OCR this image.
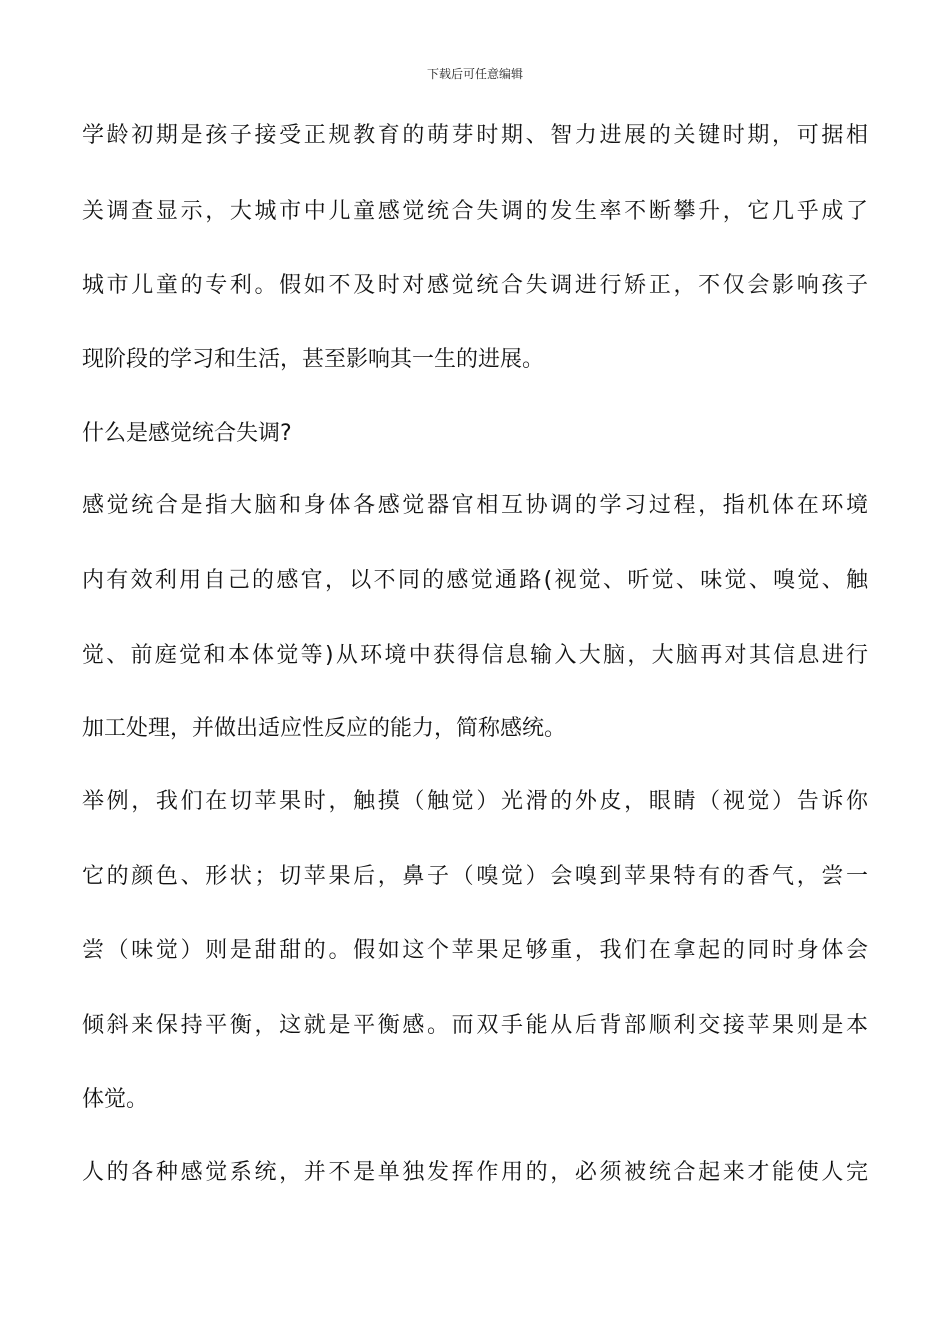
下载后可任意编辑
学龄初期是孩子接受正规教育的萌芽时期、智力进展的关键时期，可据相
关调查显示，大城市中儿童感觉统合失调的发生率不断攀升，它几乎成了
城市儿童的专利。假如不及时对感觉统合失调进行矫正，不仅会影响孩子
现阶段的学习和生活，甚至影响其一生的进展。
什么是感觉统合失调?
感觉统合是指大脑和身体各感觉器官相互协调的学习过程，指机体在环境
内有效利用自己的感官，以不同的感觉通路(视觉、听觉、味觉、嗅觉、触
觉、前庭觉和本体觉等)从环境中获得信息输入大脑，大脑再对其信息进行
加工处理，并做出适应性反应的能力，简称感统。
举例，我们在切苹果时，触摸（触觉）光滑的外皮，眼睛（视觉）告诉你
它的颜色、形状；切苹果后，鼻子（嗅觉）会嗅到苹果特有的香气，尝一
尝（味觉）则是甜甜的。假如这个苹果足够重，我们在拿起的同时身体会
倾斜来保持平衡，这就是平衡感。而双手能从后背部顺利交接苹果则是本
体觉。
人的各种感觉系统，并不是单独发挥作用的，必须被统合起来才能使人完
